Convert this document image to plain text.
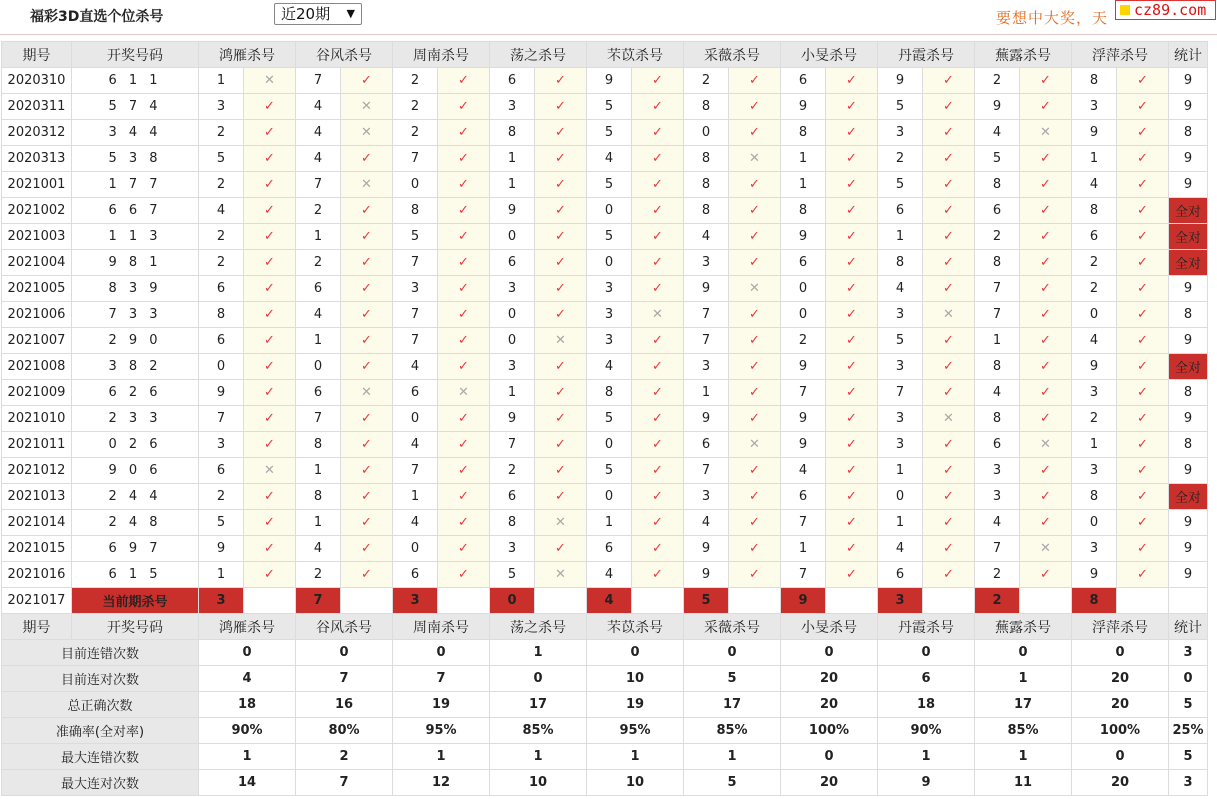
福彩3D直选个位杀号	近20期 ▼	要想中大奖，天	cz89.com
期号	开奖号码	鸿雁杀号		谷风杀号		周南杀号		荡之杀号		芣苡杀号		采薇杀号		小旻杀号		丹霞杀号		蕪露杀号		浮萍杀号		统计
2020310	6 1 1	1	✕	7	✓	2	✓	6	✓	9	✓	2	✓	6	✓	9	✓	2	✓	8	✓	9
2020311	5 7 4	3	✓	4	✕	2	✓	3	✓	5	✓	8	✓	9	✓	5	✓	9	✓	3	✓	9
2020312	3 4 4	2	✓	4	✕	2	✓	8	✓	5	✓	0	✓	8	✓	3	✓	4	✕	9	✓	8
2020313	5 3 8	5	✓	4	✓	7	✓	1	✓	4	✓	8	✕	1	✓	2	✓	5	✓	1	✓	9
2021001	1 7 7	2	✓	7	✕	0	✓	1	✓	5	✓	8	✓	1	✓	5	✓	8	✓	4	✓	9
2021002	6 6 7	4	✓	2	✓	8	✓	9	✓	0	✓	8	✓	8	✓	6	✓	6	✓	8	✓	全对
2021003	1 1 3	2	✓	1	✓	5	✓	0	✓	5	✓	4	✓	9	✓	1	✓	2	✓	6	✓	全对
2021004	9 8 1	2	✓	2	✓	7	✓	6	✓	0	✓	3	✓	6	✓	8	✓	8	✓	2	✓	全对
2021005	8 3 9	6	✓	6	✓	3	✓	3	✓	3	✓	9	✕	0	✓	4	✓	7	✓	2	✓	9
2021006	7 3 3	8	✓	4	✓	7	✓	0	✓	3	✕	7	✓	0	✓	3	✕	7	✓	0	✓	8
2021007	2 9 0	6	✓	1	✓	7	✓	0	✕	3	✓	7	✓	2	✓	5	✓	1	✓	4	✓	9
2021008	3 8 2	0	✓	0	✓	4	✓	3	✓	4	✓	3	✓	9	✓	3	✓	8	✓	9	✓	全对
2021009	6 2 6	9	✓	6	✕	6	✕	1	✓	8	✓	1	✓	7	✓	7	✓	4	✓	3	✓	8
2021010	2 3 3	7	✓	7	✓	0	✓	9	✓	5	✓	9	✓	9	✓	3	✕	8	✓	2	✓	9
2021011	0 2 6	3	✓	8	✓	4	✓	7	✓	0	✓	6	✕	9	✓	3	✓	6	✕	1	✓	8
2021012	9 0 6	6	✕	1	✓	7	✓	2	✓	5	✓	7	✓	4	✓	1	✓	3	✓	3	✓	9
2021013	2 4 4	2	✓	8	✓	1	✓	6	✓	0	✓	3	✓	6	✓	0	✓	3	✓	8	✓	全对
2021014	2 4 8	5	✓	1	✓	4	✓	8	✕	1	✓	4	✓	7	✓	1	✓	4	✓	0	✓	9
2021015	6 9 7	9	✓	4	✓	0	✓	3	✓	6	✓	9	✓	1	✓	4	✓	7	✕	3	✓	9
2021016	6 1 5	1	✓	2	✓	6	✓	5	✕	4	✓	9	✓	7	✓	6	✓	2	✓	9	✓	9
2021017	当前期杀号	3		7		3		0		4		5		9		3		2		8		
期号	开奖号码	鸿雁杀号		谷风杀号		周南杀号		荡之杀号		芣苡杀号		采薇杀号		小旻杀号		丹霞杀号		蕪露杀号		浮萍杀号		统计
目前连错次数		0		0		0		1		0		0		0		0		0		0		3
目前连对次数		4		7		7		0		10		5		20		6		1		20		0
总正确次数		18		16		19		17		19		17		20		18		17		20		5
准确率(全对率)		90%		80%		95%		85%		95%		85%		100%		90%		85%		100%		25%
最大连错次数		1		2		1		1		1		1		0		1		1		0		5
最大连对次数		14		7		12		10		10		5		20		9		11		20		3
